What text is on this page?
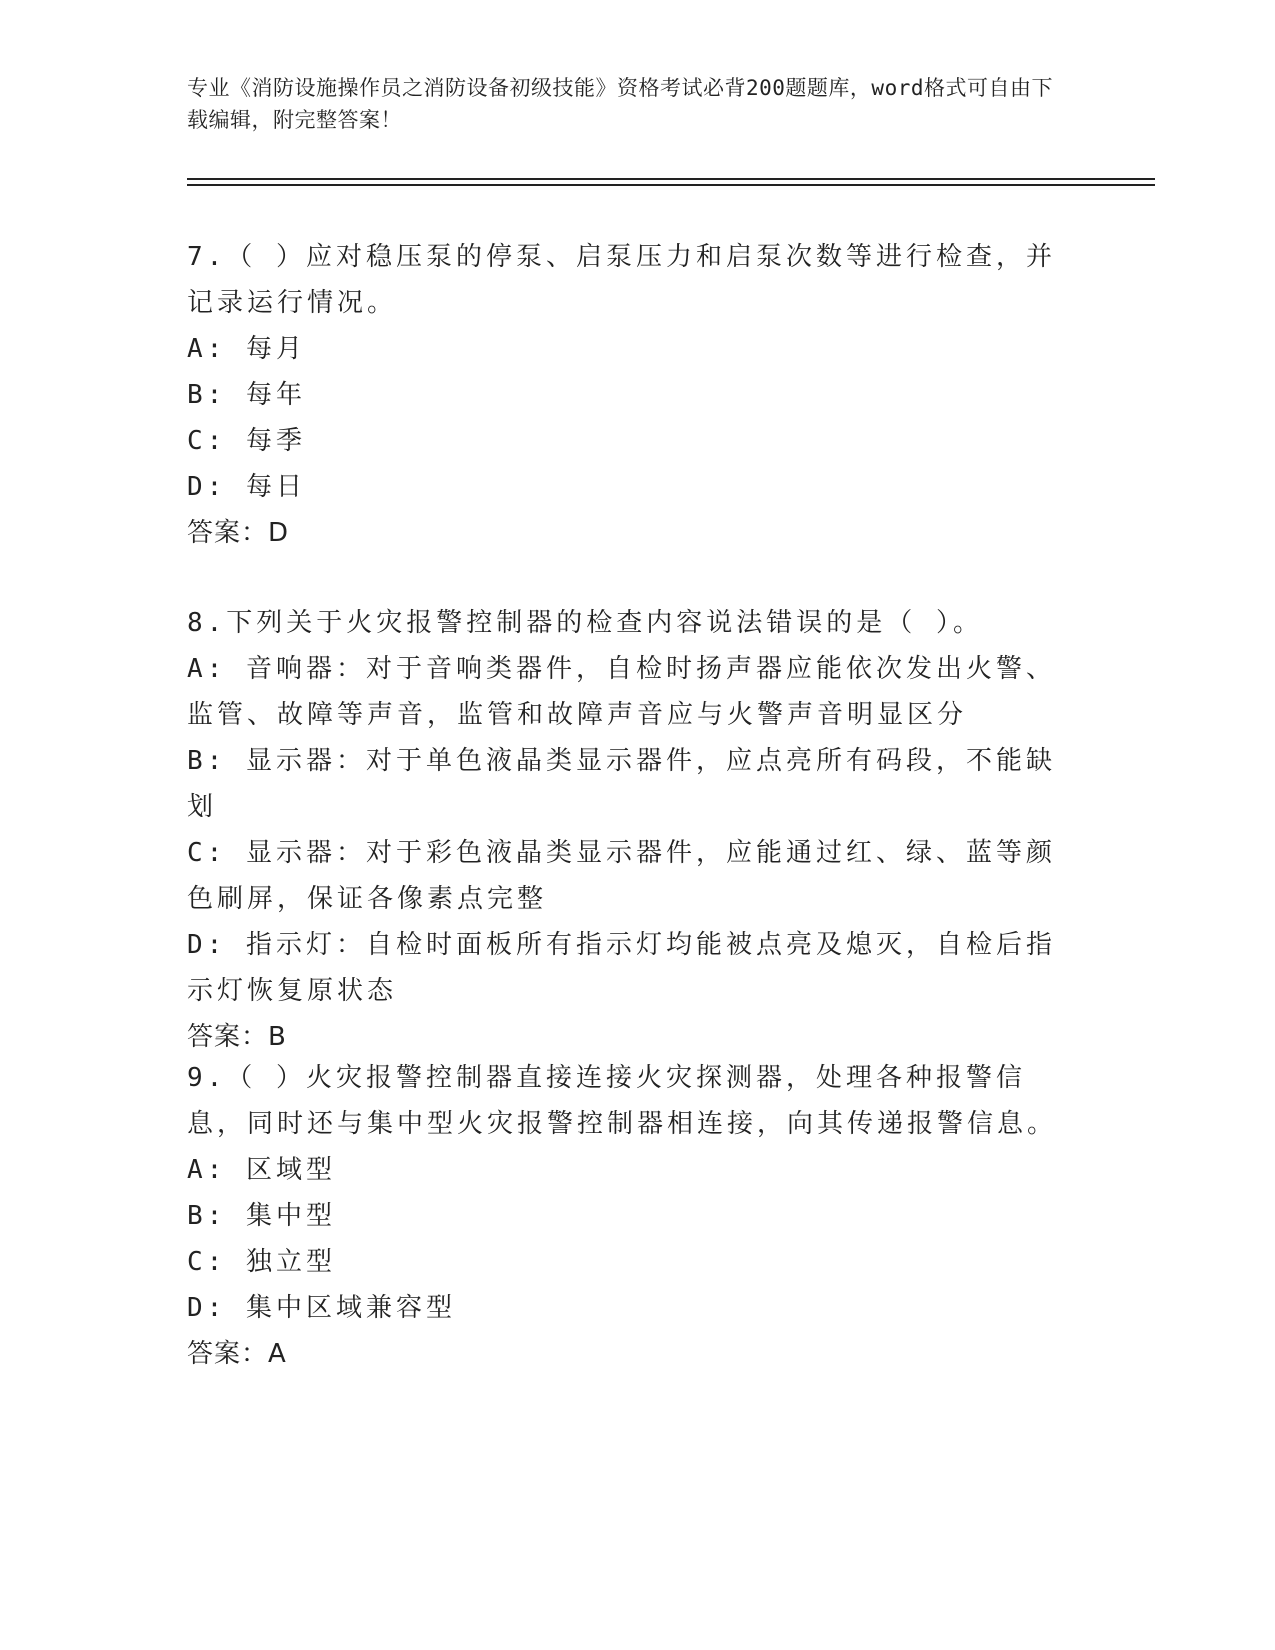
专业《消防设施操作员之消防设备初级技能》资格考试必背200题题库，word格式可自由下载编辑，附完整答案！
7.（ ）应对稳压泵的停泵、启泵压力和启泵次数等进行检查，并记录运行情况。
A: 每月
B: 每年
C: 每季
D: 每日
答案：D
8.下列关于火灾报警控制器的检查内容说法错误的是（ ）。
A: 音响器：对于音响类器件，自检时扬声器应能依次发出火警、监管、故障等声音，监管和故障声音应与火警声音明显区分
B: 显示器：对于单色液晶类显示器件，应点亮所有码段，不能缺划
C: 显示器：对于彩色液晶类显示器件，应能通过红、绿、蓝等颜色刷屏，保证各像素点完整
D: 指示灯：自检时面板所有指示灯均能被点亮及熄灭，自检后指示灯恢复原状态
答案：B
9.（ ）火灾报警控制器直接连接火灾探测器，处理各种报警信息，同时还与集中型火灾报警控制器相连接，向其传递报警信息。
A: 区域型
B: 集中型
C: 独立型
D: 集中区域兼容型
答案：A
